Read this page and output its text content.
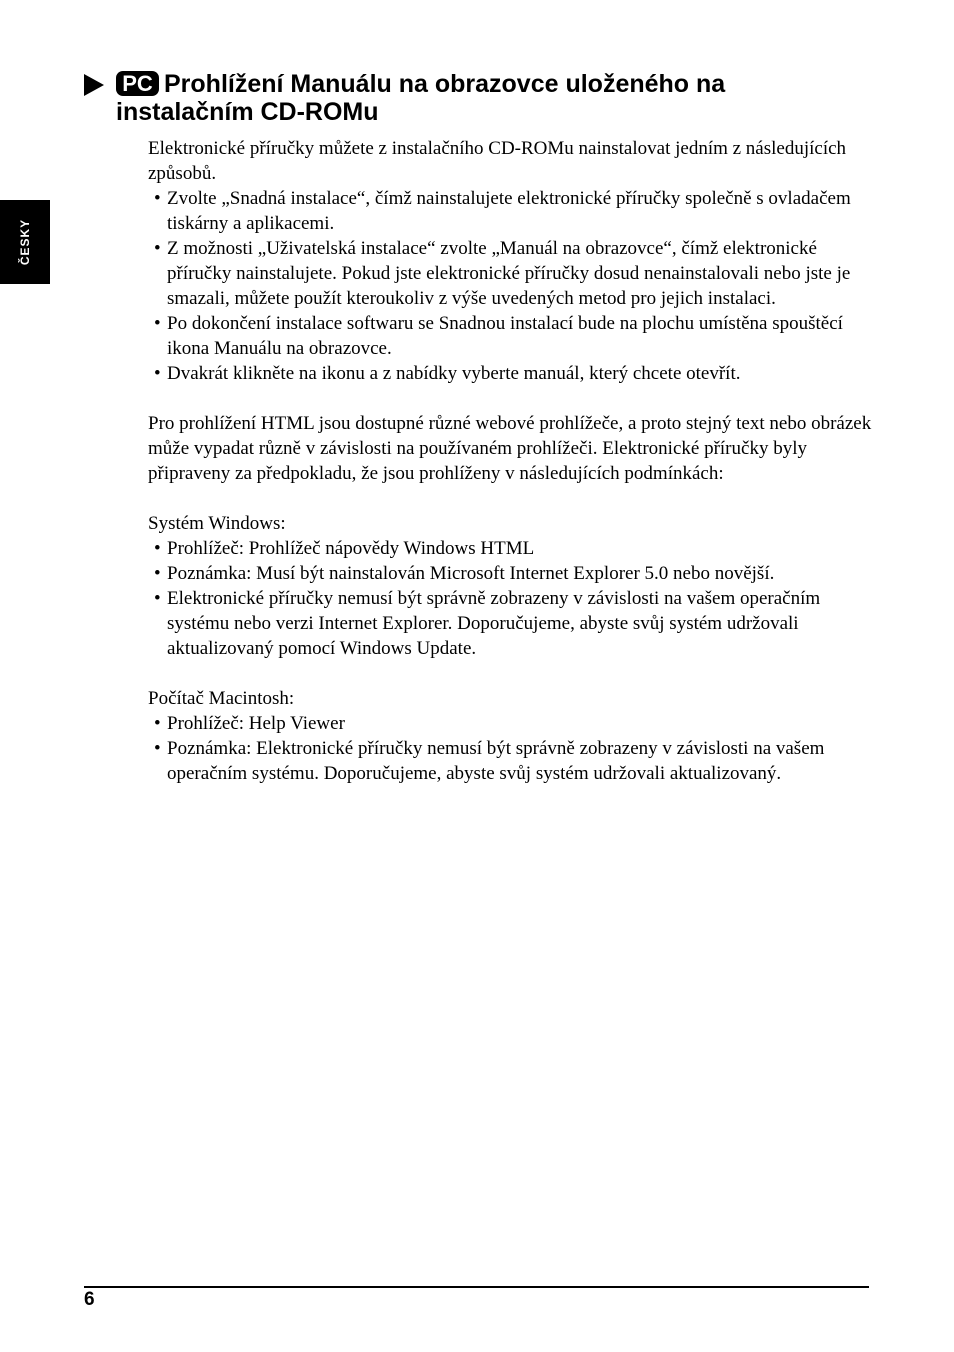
ČESKY
PC Prohlížení Manuálu na obrazovce uloženého na
instalačním CD-ROMu

Elektronické příručky můžete z instalačního CD-ROMu nainstalovat jedním z následujících způsobů.

• Zvolte „Snadná instalace“, čímž nainstalujete elektronické příručky společně s ovladačem tiskárny a aplikacemi.
• Z možnosti „Uživatelská instalace“ zvolte „Manuál na obrazovce“, čímž elektronické příručky nainstalujete. Pokud jste elektronické příručky dosud nenainstalovali nebo jste je smazali, můžete použít kteroukoliv z výše uvedených metod pro jejich instalaci.
• Po dokončení instalace softwaru se Snadnou instalací bude na plochu umístěna spouštěcí ikona Manuálu na obrazovce.
• Dvakrát klikněte na ikonu a z nabídky vyberte manuál, který chcete otevřít.

Pro prohlížení HTML jsou dostupné různé webové prohlížeče, a proto stejný text nebo obrázek může vypadat různě v závislosti na používaném prohlížeči. Elektronické příručky byly připraveny za předpokladu, že jsou prohlíženy v následujících podmínkách:

Systém Windows:

• Prohlížeč: Prohlížeč nápovědy Windows HTML
• Poznámka: Musí být nainstalován Microsoft Internet Explorer 5.0 nebo novější.
• Elektronické příručky nemusí být správně zobrazeny v závislosti na vašem operačním systému nebo verzi Internet Explorer. Doporučujeme, abyste svůj systém udržovali aktualizovaný pomocí Windows Update.

Počítač Macintosh:

• Prohlížeč: Help Viewer
• Poznámka: Elektronické příručky nemusí být správně zobrazeny v závislosti na vašem operačním systému. Doporučujeme, abyste svůj systém udržovali aktualizovaný.
6
